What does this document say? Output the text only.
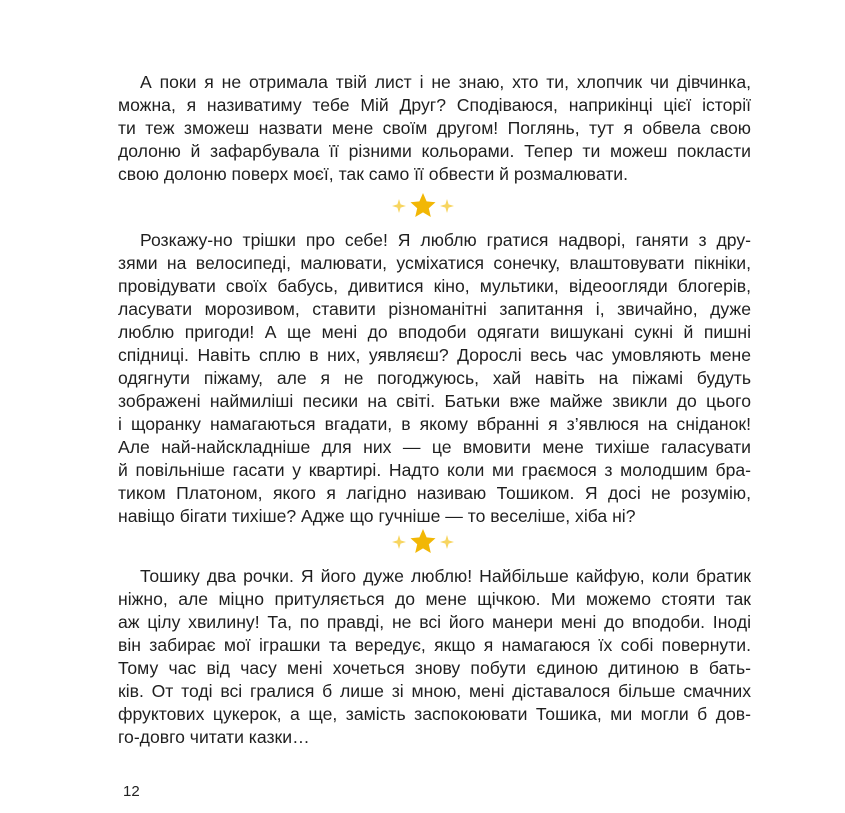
А поки я не отримала твій лист і не знаю, хто ти, хлопчик чи дівчинка,
можна, я називатиму тебе Мій Друг? Сподіваюся, наприкінці цієї історії
ти теж зможеш назвати мене своїм другом! Поглянь, тут я обвела свою
долоню й зафарбувала її різними кольорами. Тепер ти можеш покласти
свою долоню поверх моєї, так само її обвести й розмалювати.
Розкажу-но трішки про себе! Я люблю гратися надворі, ганяти з дру-
зями на велосипеді, малювати, усміхатися сонечку, влаштовувати пікніки,
провідувати своїх бабусь, дивитися кіно, мультики, відеоогляди блогерів,
ласувати морозивом, ставити різноманітні запитання і, звичайно, дуже
люблю пригоди! А ще мені до вподоби одягати вишукані сукні й пишні
спідниці. Навіть сплю в них, уявляєш? Дорослі весь час умовляють мене
одягнути піжаму, але я не погоджуюсь, хай навіть на піжамі будуть
зображені наймиліші песики на світі. Батьки вже майже звикли до цього
і щоранку намагаються вгадати, в якому вбранні я з’явлюся на сніданок!
Але най-найскладніше для них — це вмовити мене тихіше галасувати
й повільніше гасати у квартирі. Надто коли ми граємося з молодшим бра-
тиком Платоном, якого я лагідно називаю Тошиком. Я досі не розумію,
навіщо бігати тихіше? Адже що гучніше — то веселіше, хіба ні?
Тошику два рочки. Я його дуже люблю! Найбільше кайфую, коли братик
ніжно, але міцно притуляється до мене щічкою. Ми можемо стояти так
аж цілу хвилину! Та, по правді, не всі його манери мені до вподоби. Іноді
він забирає мої іграшки та вередує, якщо я намагаюся їх собі повернути.
Тому час від часу мені хочеться знову побути єдиною дитиною в бать-
ків. От тоді всі гралися б лише зі мною, мені діставалося більше смачних
фруктових цукерок, а ще, замість заспокоювати Тошика, ми могли б дов-
го-довго читати казки…
12
